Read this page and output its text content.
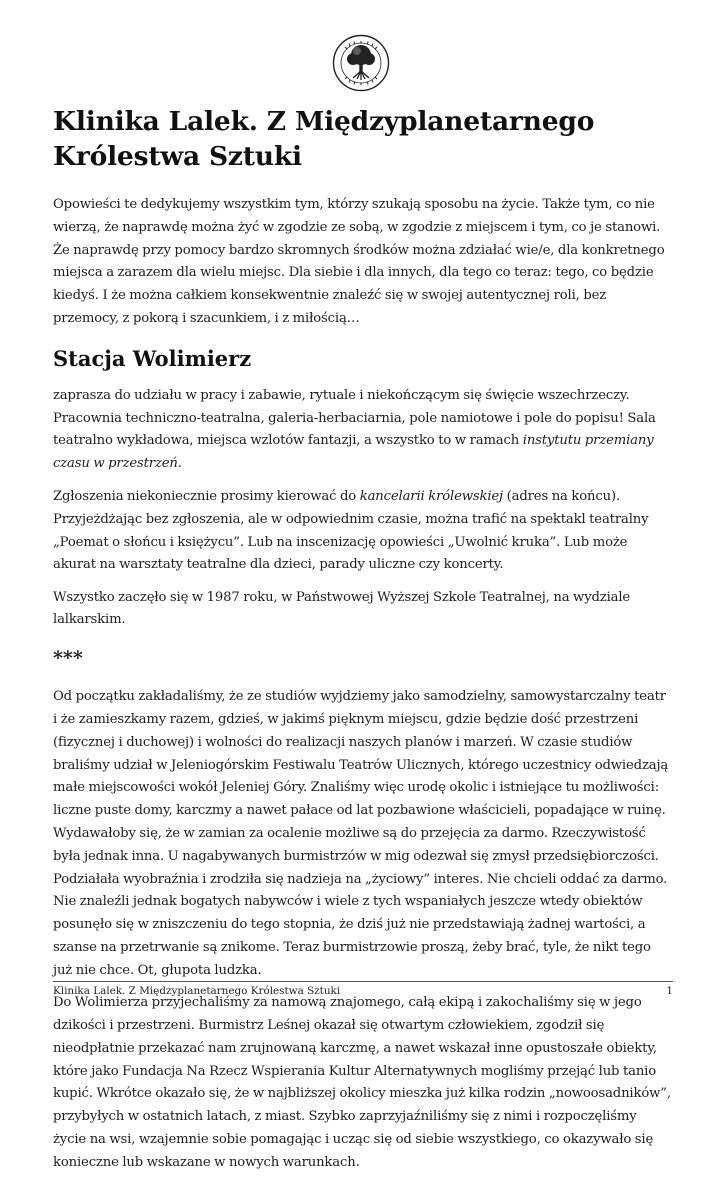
Klinika Lalek. Z Międzyplanetarnego Królestwa Sztuki

Opowieści te dedykujemy wszystkim tym, którzy szukają sposobu na życie. Także tym, co nie wierzą, że naprawdę można żyć w zgodzie ze sobą, w zgodzie z miejscem i tym, co je stanowi. Że naprawdę przy pomocy bardzo skromnych środków można zdziałać wie/e, dla konkretnego miejsca a zarazem dla wielu miejsc. Dla siebie i dla innych, dla tego co teraz: tego, co będzie kiedyś. I że można całkiem konsekwentnie znaleźć się w swojej autentycznej roli, bez przemocy, z pokorą i szacunkiem, i z miłością…

Stacja Wolimierz

zaprasza do udziału w pracy i zabawie, rytuale i niekończącym się święcie wszechrzeczy. Pracownia techniczno-teatralna, galeria-herbaciarnia, pole namiotowe i pole do popisu! Sala teatralno wykładowa, miejsca wzlotów fantazji, a wszystko to w ramach instytutu przemiany czasu w przestrzeń.

Zgłoszenia niekoniecznie prosimy kierować do kancelarii królewskiej (adres na końcu). Przyjeżdżając bez zgłoszenia, ale w odpowiednim czasie, można trafić na spektakl teatralny „Poemat o słońcu i księżycu”. Lub na inscenizację opowieści „Uwolnić kruka”. Lub może akurat na warsztaty teatralne dla dzieci, parady uliczne czy koncerty.

Wszystko zaczęło się w 1987 roku, w Państwowej Wyższej Szkole Teatralnej, na wydziale lalkarskim.

***

Od początku zakładaliśmy, że ze studiów wyjdziemy jako samodzielny, samowystarczalny teatr i że zamieszkamy razem, gdzieś, w jakimś pięknym miejscu, gdzie będzie dość przestrzeni (fizycznej i duchowej) i wolności do realizacji naszych planów i marzeń. W czasie studiów braliśmy udział w Jeleniogórskim Festiwalu Teatrów Ulicznych, którego uczestnicy odwiedzają małe miejscowości wokół Jeleniej Góry. Znaliśmy więc urodę okolic i istniejące tu możliwości: liczne puste domy, karczmy a nawet pałace od lat pozbawione właścicieli, popadające w ruinę. Wydawałoby się, że w zamian za ocalenie możliwe są do przejęcia za darmo. Rzeczywistość była jednak inna. U nagabywanych burmistrzów w mig odezwał się zmysł przedsiębiorczości. Podziałała wyobraźnia i zrodziła się nadzieja na „życiowy” interes. Nie chcieli oddać za darmo. Nie znaleźli jednak bogatych nabywców i wiele z tych wspaniałych jeszcze wtedy obiektów posunęło się w zniszczeniu do tego stopnia, że dziś już nie przedstawiają żadnej wartości, a szanse na przetrwanie są znikome. Teraz burmistrzowie proszą, żeby brać, tyle, że nikt tego już nie chce. Ot, głupota ludzka.

Do Wolimierza przyjechaliśmy za namową znajomego, całą ekipą i zakochaliśmy się w jego dzikości i przestrzeni. Burmistrz Leśnej okazał się otwartym człowiekiem, zgodził się nieodpłatnie przekazać nam zrujnowaną karczmę, a nawet wskazał inne opustoszałe obiekty, które jako Fundacja Na Rzecz Wspierania Kultur Alternatywnych mogliśmy przejąć lub tanio kupić. Wkrótce okazało się, że w najbliższej okolicy mieszka już kilka rodzin „nowoosadników”, przybyłych w ostatnich latach, z miast. Szybko zaprzyjaźniliśmy się z nimi i rozpoczęliśmy życie na wsi, wzajemnie sobie pomagając i ucząc się od siebie wszystkiego, co okazywało się konieczne lub wskazane w nowych warunkach.

Klinika Lalek. Z Międzyplanetarnego Królestwa Sztuki	1
